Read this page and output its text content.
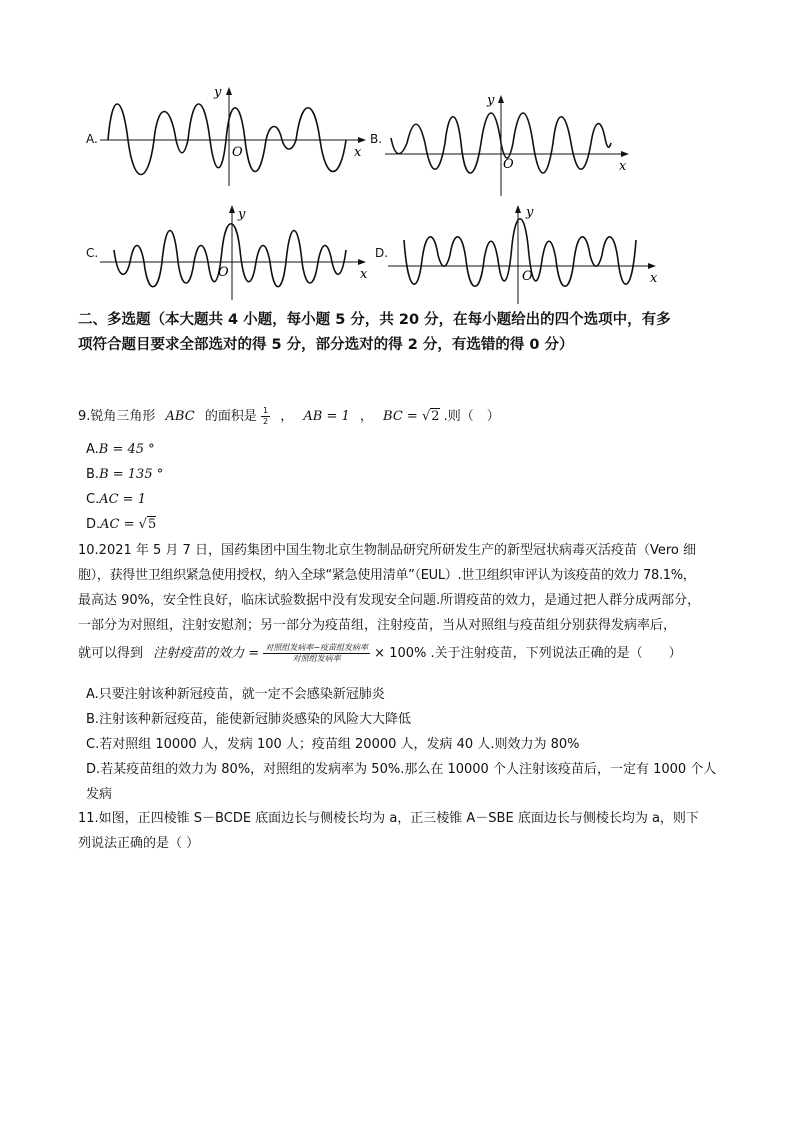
A.
y
x
O
B.
y
x
O
C.
y
x
O
D.
y
x
O
二、多选题（本大题共 4 小题，每小题 5 分，共 20 分，在每小题给出的四个选项中，有多
项符合题目要求全部选对的得 5 分，部分选对的得 2 分，有选错的得 0 分）
9.锐角三角形 ABC 的面积是 $\frac{1}{2}$ ， AB = 1 ， BC = √2 .则（　）
A.B = 45 °
B.B = 135 °
C.AC = 1
D.AC = √5
10.2021 年 5 月 7 日，国药集团中国生物北京生物制品研究所研发生产的新型冠状病毒灭活疫苗（Vero 细
胞），获得世卫组织紧急使用授权，纳入全球“紧急使用清单”（EUL）.世卫组织审评认为该疫苗的效力 78.1%，
最高达 90%，安全性良好，临床试验数据中没有发现安全问题.所谓疫苗的效力，是通过把人群分成两部分，
一部分为对照组，注射安慰剂；另一部分为疫苗组，注射疫苗，当从对照组与疫苗组分别获得发病率后，
就可以得到 注射疫苗的效力 = $\frac{\text{对照组发病率−疫苗组发病率}}{\text{对照组发病率}} \times 100\%$ .关于注射疫苗，下列说法正确的是（　　）
A.只要注射该种新冠疫苗，就一定不会感染新冠肺炎
B.注射该种新冠疫苗，能使新冠肺炎感染的风险大大降低
C.若对照组 10000 人，发病 100 人；疫苗组 20000 人，发病 40 人.则效力为 80%
D.若某疫苗组的效力为 80%，对照组的发病率为 50%.那么在 10000 个人注射该疫苗后，一定有 1000 个人
发病
11.如图，正四棱锥 S－BCDE 底面边长与侧棱长均为 a，正三棱锥 A－SBE 底面边长与侧棱长均为 a，则下
列说法正确的是（ ）
